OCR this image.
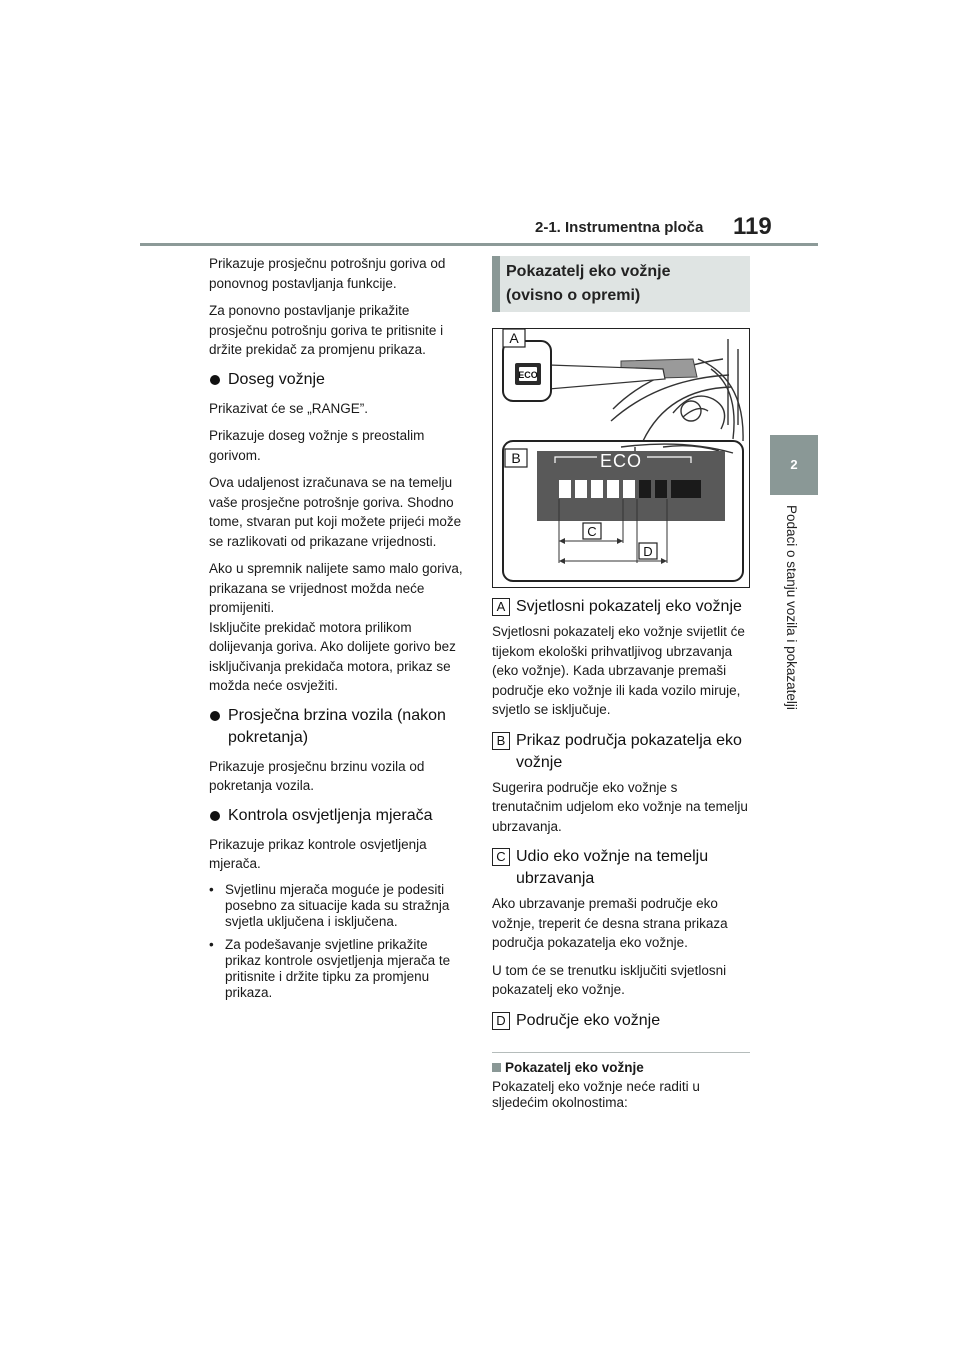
2-1. Instrumentna ploča 119
2
Podaci o stanju vozila i pokazatelji

Prikazuje prosječnu potrošnju goriva od ponovnog postavljanja funkcije.

Za ponovno postavljanje prikažite prosječnu potrošnju goriva te pritisnite i držite prekidač za promjenu prikaza.

Doseg vožnje

Prikazivat će se „RANGE”.

Prikazuje doseg vožnje s preostalim gorivom.

Ova udaljenost izračunava se na temelju vaše prosječne potrošnje goriva. Shodno tome, stvaran put koji možete prijeći može se razlikovati od prikazane vrijednosti.

Ako u spremnik nalijete samo malo goriva, prikazana se vrijednost možda neće promijeniti.

Isključite prekidač motora prilikom dolijevanja goriva. Ako dolijete gorivo bez isključivanja prekidača motora, prikaz se možda neće osvježiti.

Prosječna brzina vozila (nakon pokretanja)

Prikazuje prosječnu brzinu vozila od pokretanja vozila.

Kontrola osvjetljenja mjerača

Prikazuje prikaz kontrole osvjetljenja mjerača.

• Svjetlinu mjerača moguće je podesiti posebno za situacije kada su stražnja svjetla uključena i isključena.
• Za podešavanje svjetline prikažite prikaz kontrole osvjetljenja mjerača te pritisnite i držite tipku za promjenu prikaza.
Pokazatelj eko vožnje
(ovisno o opremi)
ECO
A
B	ECO
C
D
A Svjetlosni pokazatelj eko vožnje

Svjetlosni pokazatelj eko vožnje svijetlit će tijekom ekološki prihvatljivog ubrzavanja (eko vožnje). Kada ubrzavanje premaši područje eko vožnje ili kada vozilo miruje, svjetlo se isključuje.

B Prikaz područja pokazatelja eko vožnje

Sugerira područje eko vožnje s trenutačnim udjelom eko vožnje na temelju ubrzavanja.

C Udio eko vožnje na temelju ubrzavanja

Ako ubrzavanje premaši područje eko vožnje, treperit će desna strana prikaza područja pokazatelja eko vožnje.

U tom će se trenutku isključiti svjetlosni pokazatelj eko vožnje.

D Područje eko vožnje
Pokazatelj eko vožnje

Pokazatelj eko vožnje neće raditi u sljedećim okolnostima:
